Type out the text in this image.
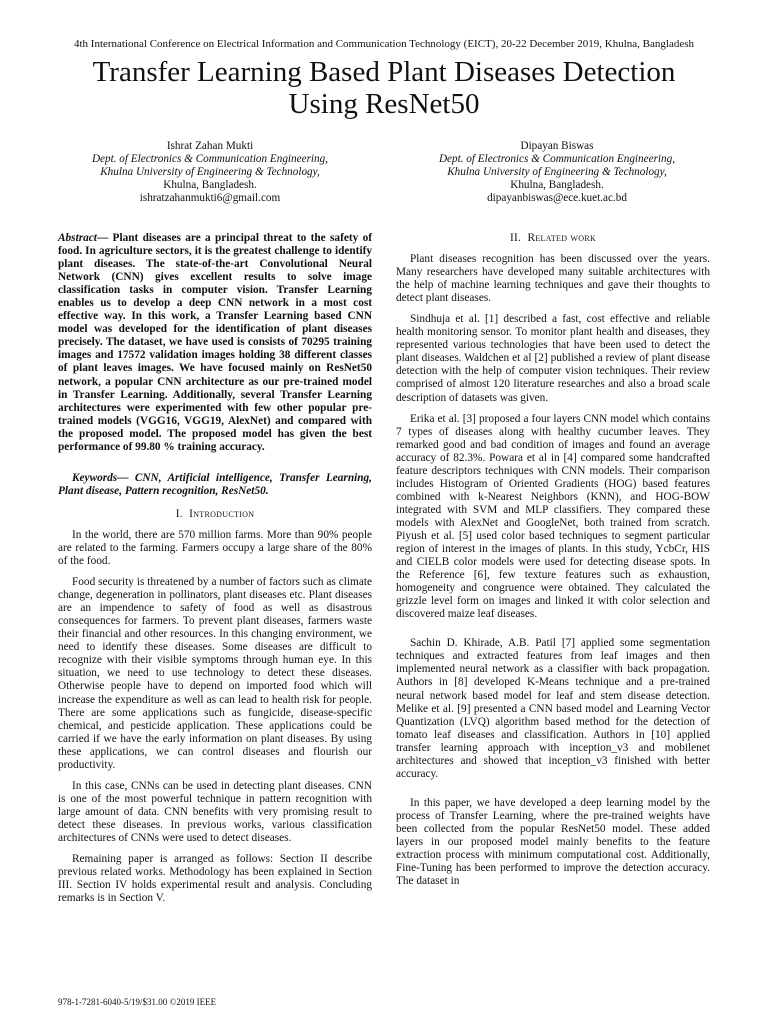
4th International Conference on Electrical Information and Communication Technology (EICT), 20-22 December 2019, Khulna, Bangladesh
Transfer Learning Based Plant Diseases Detection
Using ResNet50
Ishrat Zahan Mukti
Dept. of Electronics & Communication Engineering,
Khulna University of Engineering & Technology,
Khulna, Bangladesh.
ishratzahanmukti6@gmail.com
Dipayan Biswas
Dept. of Electronics & Communication Engineering,
Khulna University of Engineering & Technology,
Khulna, Bangladesh.
dipayanbiswas@ece.kuet.ac.bd

Abstract— Plant diseases are a principal threat to the safety of food. In agriculture sectors, it is the greatest challenge to identify plant diseases. The state-of-the-art Convolutional Neural Network (CNN) gives excellent results to solve image classification tasks in computer vision. Transfer Learning enables us to develop a deep CNN network in a most cost effective way. In this work, a Transfer Learning based CNN model was developed for the identification of plant diseases precisely. The dataset, we have used is consists of 70295 training images and 17572 validation images holding 38 different classes of plant leaves images. We have focused mainly on ResNet50 network, a popular CNN architecture as our pre-trained model in Transfer Learning. Additionally, several Transfer Learning architectures were experimented with few other popular pre-trained models (VGG16, VGG19, AlexNet) and compared with the proposed model. The proposed model has given the best performance of 99.80 % training accuracy.

Keywords— CNN, Artificial intelligence, Transfer Learning, Plant disease, Pattern recognition, ResNet50.

I. Introduction

In the world, there are 570 million farms. More than 90% people are related to the farming. Farmers occupy a large share of the 80% of the food.

Food security is threatened by a number of factors such as climate change, degeneration in pollinators, plant diseases etc. Plant diseases are an impendence to safety of food as well as disastrous consequences for farmers. To prevent plant diseases, farmers waste their financial and other resources. In this changing environment, we need to identify these diseases. Some diseases are difficult to recognize with their visible symptoms through human eye. In this situation, we need to use technology to detect these diseases. Otherwise people have to depend on imported food which will increase the expenditure as well as can lead to health risk for people. There are some applications such as fungicide, disease-specific chemical, and pesticide application. These applications could be carried if we have the early information on plant diseases. By using these applications, we can control diseases and flourish our productivity.

In this case, CNNs can be used in detecting plant diseases. CNN is one of the most powerful technique in pattern recognition with large amount of data. CNN benefits with very promising result to detect these diseases. In previous works, various classification architectures of CNNs were used to detect diseases.

Remaining paper is arranged as follows: Section II describe previous related works. Methodology has been explained in Section III. Section IV holds experimental result and analysis. Concluding remarks is in Section V.

II. Related work

Plant diseases recognition has been discussed over the years. Many researchers have developed many suitable architectures with the help of machine learning techniques and gave their thoughts to detect plant diseases.

Sindhuja et al. [1] described a fast, cost effective and reliable health monitoring sensor. To monitor plant health and diseases, they represented various technologies that have been used to detect the plant diseases. Waldchen et al [2] published a review of plant disease detection with the help of computer vision techniques. Their review comprised of almost 120 literature researches and also a broad scale description of datasets was given.

Erika et al. [3] proposed a four layers CNN model which contains 7 types of diseases along with healthy cucumber leaves. They remarked good and bad condition of images and found an average accuracy of 82.3%. Powara et al in [4] compared some handcrafted feature descriptors techniques with CNN models. Their comparison includes Histogram of Oriented Gradients (HOG) based features combined with k-Nearest Neighbors (KNN), and HOG-BOW integrated with SVM and MLP classifiers. They compared these models with AlexNet and GoogleNet, both trained from scratch. Piyush et al. [5] used color based techniques to segment particular region of interest in the images of plants. In this study, YcbCr, HIS and CIELB color models were used for detecting disease spots. In the Reference [6], few texture features such as exhaustion, homogeneity and congruence were obtained. They calculated the grizzle level form on images and linked it with color selection and discovered maize leaf diseases.

Sachin D. Khirade, A.B. Patil [7] applied some segmentation techniques and extracted features from leaf images and then implemented neural network as a classifier with back propagation. Authors in [8] developed K-Means technique and a pre-trained neural network based model for leaf and stem disease detection. Melike et al. [9] presented a CNN based model and Learning Vector Quantization (LVQ) algorithm based method for the detection of tomato leaf diseases and classification. Authors in [10] applied transfer learning approach with inception_v3 and mobilenet architectures and showed that inception_v3 finished with better accuracy.

In this paper, we have developed a deep learning model by the process of Transfer Learning, where the pre-trained weights have been collected from the popular ResNet50 model. These added layers in our proposed model mainly benefits to the feature extraction process with minimum computational cost. Additionally, Fine-Tuning has been performed to improve the detection accuracy. The dataset in

978-1-7281-6040-5/19/$31.00 ©2019 IEEE
